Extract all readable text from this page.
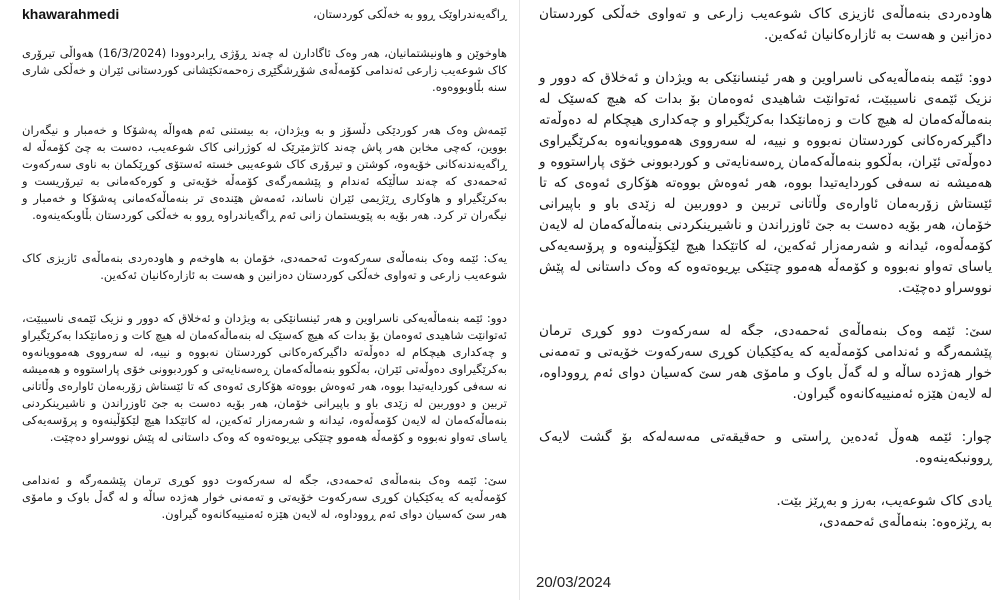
ڕاگەیەندراوێک ڕوو بە خەڵکی کوردستان،
khawarahmedi

هاوخوێن و هاونیشتمانیان، هەر وەک ئاگادارن لە چەند ڕۆژی ڕابردوودا (16/3/2024) هەواڵی تیرۆری کاک شوعەیب زارعی ئەندامی کۆمەڵەی شۆڕشگێڕی زەحمەتکێشانی کوردستانی ئێران و خەڵکی شاری سنە بڵاوبووەوە.

ئێمەش وەک هەر کوردێکی دڵسۆز و بە ویژدان، بە بیستنی ئەم هەواڵە پەشۆکا و خەمبار و نیگەران بووین، کەچی مخابن هەر پاش چەند کاتژمێرێک لە کوژرانی کاک شوعەیب، دەست بە چێ کۆمەڵە لە ڕاگەیەندنەکانی خۆیەوە، کوشتن و تیرۆری کاک شوعەیبی خستە ئەستۆی کوڕێکمان بە ناوی سەرکەوت ئەحمەدی کە چەند ساڵێکە ئەندام و پێشمەرگەی کۆمەڵە خۆیەتی و کورەکەمانی بە تیرۆریست و بەکرێگیراو و هاوکاری ڕێژیمی ئێران ناساند، ئەمەش هێندەی تر بنەماڵەکەمانی پەشۆکا و خەمبار و نیگەران تر کرد. هەر بۆیە بە پێویستمان زانی ئەم ڕاگەیاندراوە ڕوو بە خەڵکی کوردستان بڵاوبکەینەوە.

یەک: ئێمە وەک بنەماڵەی سەرکەوت ئەحمەدی، خۆمان بە هاوخەم و هاودەردی بنەماڵەی ئازیزی کاک شوعەیب زارعی و تەواوی خەڵکی کوردستان دەزانین و هەست بە ئازارەکانیان ئەکەین.

دوو: ئێمە بنەماڵەیەکی ناسراوین و هەر ئینسانێکی بە ویژدان و ئەخلاق کە دوور و نزیک ئێمەی ناسیبێت، ئەتوانێت شاهیدی ئەوەمان بۆ بدات کە هیچ کەسێک لە بنەماڵەکەمان لە هیچ کات و زەمانێکدا بەکرێگیراو و چەکداری هیچکام لە دەوڵەتە داگیرکەرەکانی کوردستان نەبووە و نییە، لە سەرووی هەموویانەوە بەکرێگیراوی دەوڵەتی ئێران، بەڵکوو بنەماڵەکەمان ڕەسەنایەتی و کوردبوونی خۆی پاراستووە و هەمیشە نە سەفی کوردایەتیدا بووە، هەر ئەوەش بووەتە هۆکاری ئەوەی کە تا ئێستاش زۆربەمان ئاوارەی وڵاتانی تربین و دووربین لە زێدی باو و باپیرانی خۆمان، هەر بۆیە دەست بە جێ ئاوزراندن و ناشیرینکردنی بنەماڵەکەمان لە لایەن کۆمەڵەوە، ئیدانە و شەرمەزار ئەکەین، لە کاتێکدا هیچ لێکۆڵینەوە و پرۆسەیەکی یاسای تەواو نەبووە و کۆمەڵە هەموو چتێکی بڕیوەتەوە کە وەک داستانی لە پێش نووسراو دەچێت.

سێ: ئێمە وەک بنەماڵەی ئەحمەدی، جگە لە سەرکەوت دوو کوڕی ترمان پێشمەرگە و ئەندامی کۆمەڵەیە کە یەکێکیان کوڕی سەرکەوت خۆیەتی و تەمەنی خوار هەژدە ساڵە و لە گەڵ باوک و مامۆی هەر سێ کەسیان دوای ئەم ڕووداوە، لە لایەن هێزە ئەمنییەکانەوە گیراون.

هاودەردی بنەماڵەی ئازیزی کاک شوعەیب زارعی و تەواوی خەڵکی کوردستان دەزانین و هەست بە ئازارەکانیان ئەکەین.

دوو: ئێمە بنەماڵەیەکی ناسراوین و هەر ئینسانێکی بە ویژدان و ئەخلاق کە دوور و نزیک ئێمەی ناسیبێت، ئەتوانێت شاهیدی ئەوەمان بۆ بدات کە هیچ کەسێک لە بنەماڵەکەمان لە هیچ کات و زەمانێکدا بەکرێگیراو و چەکداری هیچکام لە دەوڵەتە داگیرکەرەکانی کوردستان نەبووە و نییە، لە سەرووی هەموویانەوە بەکرێگیراوی دەوڵەتی ئێران، بەڵکوو بنەماڵەکەمان ڕەسەنایەتی و کوردبوونی خۆی پاراستووە و هەمیشە نە سەفی کوردایەتیدا بووە، هەر ئەوەش بووەتە هۆکاری ئەوەی کە تا ئێستاش زۆربەمان ئاوارەی وڵاتانی تربین و دووربین لە زێدی باو و باپیرانی خۆمان، هەر بۆیە دەست بە جێ ئاوزراندن و ناشیرینکردنی بنەماڵەکەمان لە لایەن کۆمەڵەوە، ئیدانە و شەرمەزار ئەکەین، لە کاتێکدا هیچ لێکۆڵینەوە و پرۆسەیەکی یاسای تەواو نەبووە و کۆمەڵە هەموو چتێکی بڕیوەتەوە کە وەک داستانی لە پێش نووسراو دەچێت.

سێ: ئێمە وەک بنەماڵەی ئەحمەدی، جگە لە سەرکەوت دوو کوڕی ترمان پێشمەرگە و ئەندامی کۆمەڵەیە کە یەکێکیان کوڕی سەرکەوت خۆیەتی و تەمەنی خوار هەژدە ساڵە و لە گەڵ باوک و مامۆی هەر سێ کەسیان دوای ئەم ڕووداوە، لە لایەن هێزە ئەمنییەکانەوە گیراون.

چوار: ئێمە هەوڵ ئەدەین ڕاستی و حەقیقەتی مەسەلەکە بۆ گشت لایەک ڕوونبکەینەوە.

یادی کاک شوعەیب، بەرز و بەڕێز بێت.
بە ڕێزەوە: بنەماڵەی ئەحمەدی،
20/03/2024
